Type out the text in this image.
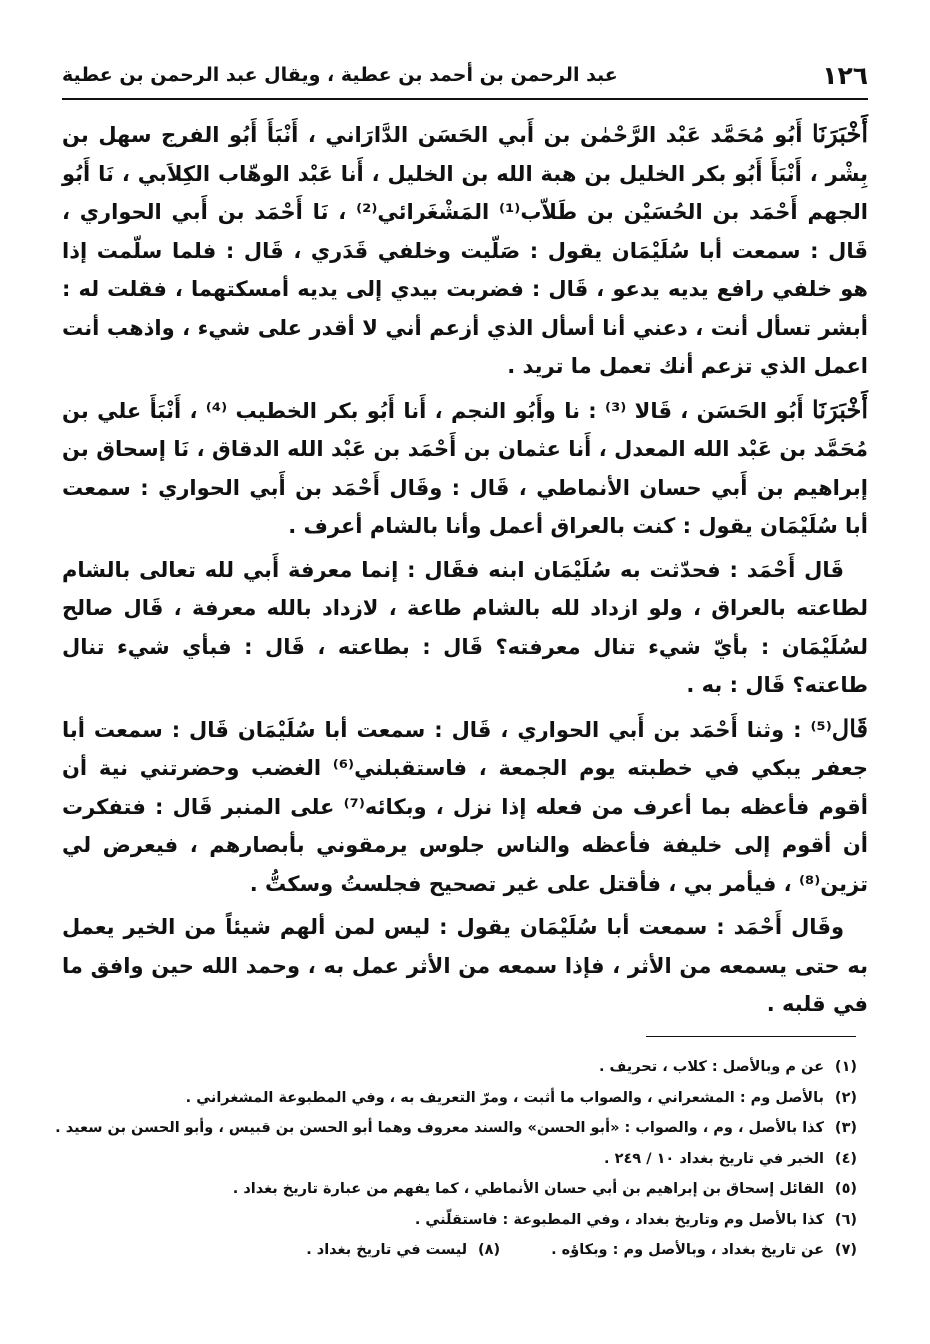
١٢٦
عبد الرحمن بن أحمد بن عطية ، ويقال عبد الرحمن بن عطية

أَخْبَرَنَا أَبُو مُحَمَّد عَبْد الرَّحْمٰن بن أَبي الحَسَن الدَّارَاني ، أَنْبَأَ أَبُو الفرج سهل بن بِشْر ، أَنْبَأَ أَبُو بكر الخليل بن هبة الله بن الخليل ، أَنا عَبْد الوهّاب الكِلاَبي ، نَا أَبُو الجهم أَحْمَد بن الحُسَيْن بن طَلاّب⁽¹⁾ المَشْغَرائي⁽²⁾ ، نَا أَحْمَد بن أَبي الحواري ، قَال : سمعت أبا سُلَيْمَان يقول : صَلّيت وخلفي قَدَري ، قَال : فلما سلّمت إذا هو خلفي رافع يديه يدعو ، قَال : فضربت بيدي إلى يديه أمسكتهما ، فقلت له : أبشر تسأل أنت ، دعني أنا أسأل الذي أزعم أني لا أقدر على شيء ، واذهب أنت اعمل الذي تزعم أنك تعمل ما تريد .

أَخْبَرَنَا أَبُو الحَسَن ، قَالا ⁽³⁾ : نا وأَبُو النجم ، أَنا أَبُو بكر الخطيب ⁽⁴⁾ ، أَنْبَأَ علي بن مُحَمَّد بن عَبْد الله المعدل ، أَنا عثمان بن أَحْمَد بن عَبْد الله الدقاق ، نَا إسحاق بن إبراهيم بن أَبي حسان الأنماطي ، قَال : وقَال أَحْمَد بن أَبي الحواري : سمعت أبا سُلَيْمَان يقول : كنت بالعراق أعمل وأنا بالشام أعرف .

قَال أَحْمَد : فحدّثت به سُلَيْمَان ابنه فقَال : إنما معرفة أَبي لله تعالى بالشام لطاعته بالعراق ، ولو ازداد لله بالشام طاعة ، لازداد بالله معرفة ، قَال صالح لسُلَيْمَان : بأيّ شيء تنال معرفته؟ قَال : بطاعته ، قَال : فبأي شيء تنال طاعته؟ قَال : به .

قَال⁽⁵⁾ : وثنا أَحْمَد بن أَبي الحواري ، قَال : سمعت أبا سُلَيْمَان قَال : سمعت أبا جعفر يبكي في خطبته يوم الجمعة ، فاستقبلني⁽⁶⁾ الغضب وحضرتني نية أن أقوم فأعظه بما أعرف من فعله إذا نزل ، وبكائه⁽⁷⁾ على المنبر قَال : فتفكرت أن أقوم إلى خليفة فأعظه والناس جلوس يرمقوني بأبصارهم ، فيعرض لي تزين⁽⁸⁾ ، فيأمر بي ، فأقتل على غير تصحيح فجلستُ وسكتُّ .

وقَال أَحْمَد : سمعت أبا سُلَيْمَان يقول : ليس لمن ألهم شيئاً من الخير يعمل به حتى يسمعه من الأثر ، فإذا سمعه من الأثر عمل به ، وحمد الله حين وافق ما في قلبه .

(١)
عن م وبالأصل : كلاب ، تحريف .
(٢)
بالأصل وم : المشعراني ، والصواب ما أثبت ، ومرّ التعريف به ، وفي المطبوعة المشغراني .
(٣)
كذا بالأصل ، وم ، والصواب : «أبو الحسن» والسند معروف وهما أبو الحسن بن قبيس ، وأبو الحسن بن سعيد .
(٤)
الخبر في تاريخ بغداد ١٠ / ٢٤٩ .
(٥)
القائل إسحاق بن إبراهيم بن أبي حسان الأنماطي ، كما يفهم من عبارة تاريخ بغداد .
(٦)
كذا بالأصل وم وتاريخ بغداد ، وفي المطبوعة : فاستقلّني .
(٧)
عن تاريخ بغداد ، وبالأصل وم : وبكاؤه .
(٨)
ليست في تاريخ بغداد .
